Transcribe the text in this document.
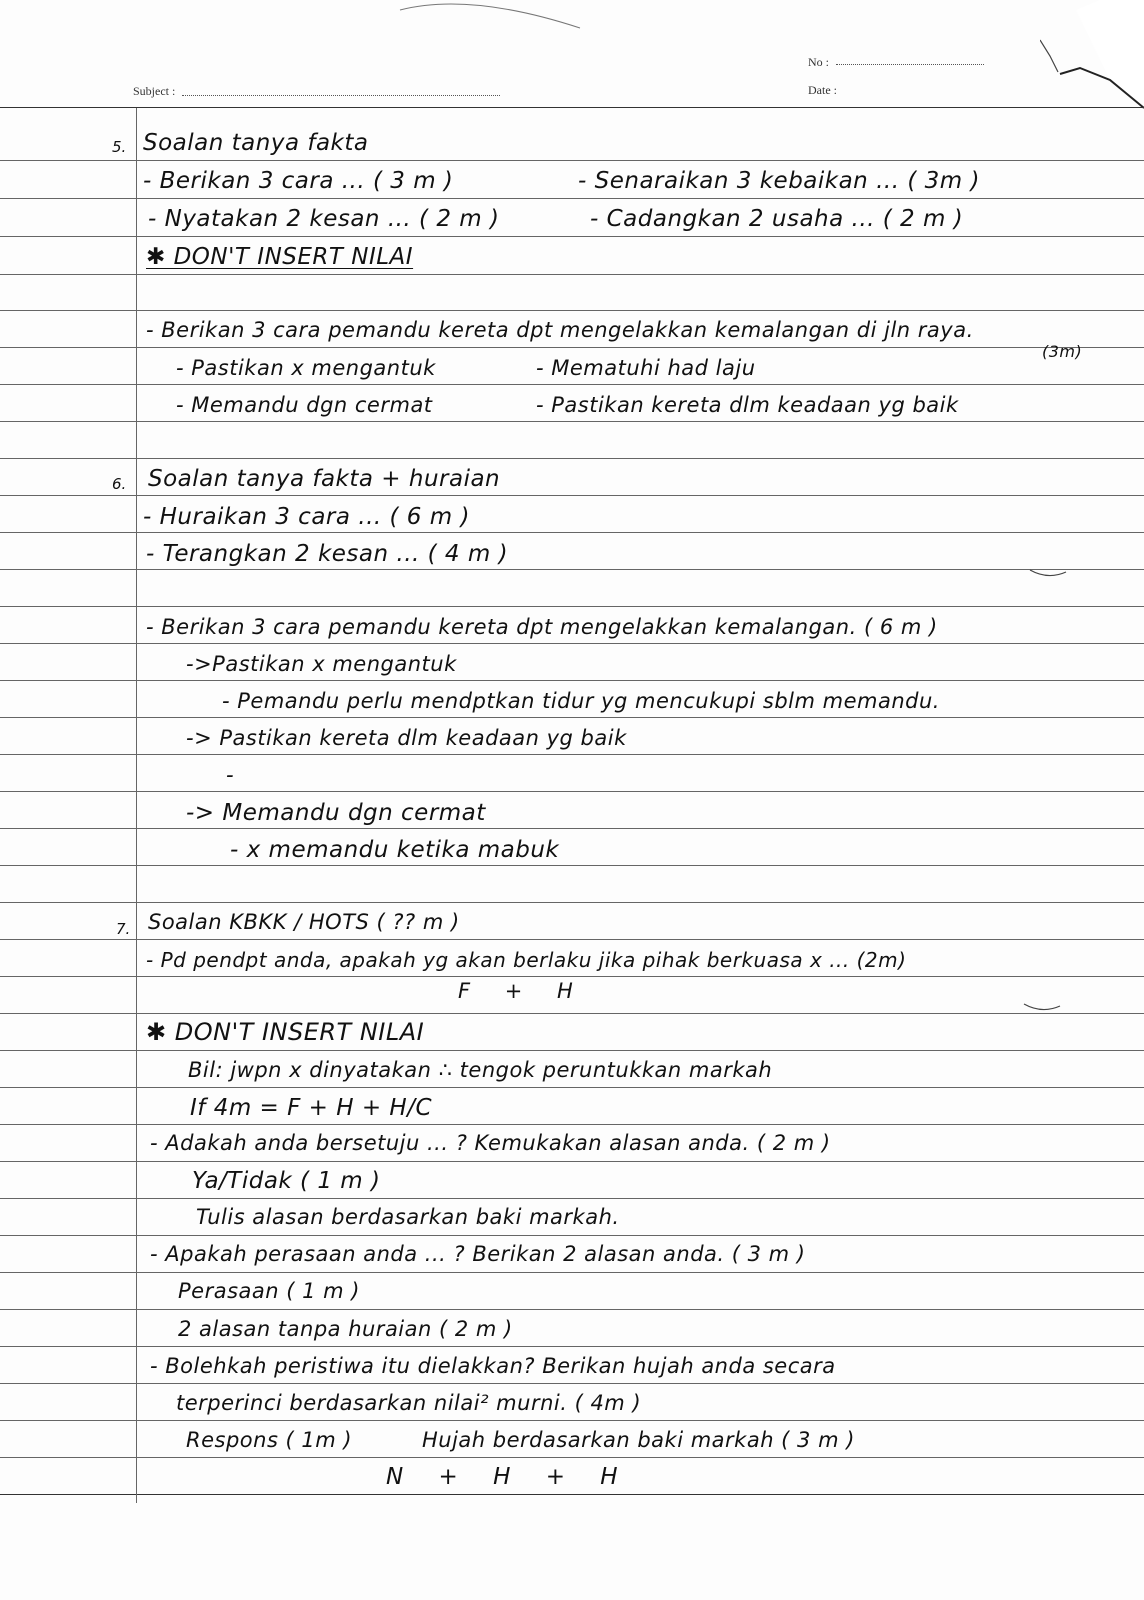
No :
Date :
Subject :
5. Soalan tanya fakta
- Berikan 3 cara ... ( 3 m )	- Senaraikan 3 kebaikan ... ( 3m )
- Nyatakan 2 kesan ... ( 2 m )	- Cadangkan 2 usaha ... ( 2 m )
✱ DON'T INSERT NILAI
- Berikan 3 cara pemandu kereta dpt mengelakkan kemalangan di jln raya.
(3m)
- Pastikan x mengantuk	- Mematuhi had laju
- Memandu dgn cermat	- Pastikan kereta dlm keadaan yg baik
6. Soalan tanya fakta + huraian
- Huraikan 3 cara ... ( 6 m )
- Terangkan 2 kesan ... ( 4 m )
- Berikan 3 cara pemandu kereta dpt mengelakkan kemalangan. ( 6 m )
->Pastikan x mengantuk
- Pemandu perlu mendptkan tidur yg mencukupi sblm memandu.
-> Pastikan kereta dlm keadaan yg baik
-
-> Memandu dgn cermat
- x memandu ketika mabuk
7. Soalan KBKK / HOTS ( ?? m )
- Pd pendpt anda, apakah yg akan berlaku jika pihak berkuasa x ... (2m)
F + H
✱ DON'T INSERT NILAI
Bil: jwpn x dinyatakan ∴ tengok peruntukkan markah
If 4m = F + H + H/C
- Adakah anda bersetuju ... ? Kemukakan alasan anda. ( 2 m )
Ya/Tidak ( 1 m )
Tulis alasan berdasarkan baki markah.
- Apakah perasaan anda ... ? Berikan 2 alasan anda. ( 3 m )
Perasaan ( 1 m )
2 alasan tanpa huraian ( 2 m )
- Bolehkah peristiwa itu dielakkan? Berikan hujah anda secara
terperinci berdasarkan nilai² murni. ( 4m )
Respons ( 1m )	Hujah berdasarkan baki markah ( 3 m )
N + H + H
